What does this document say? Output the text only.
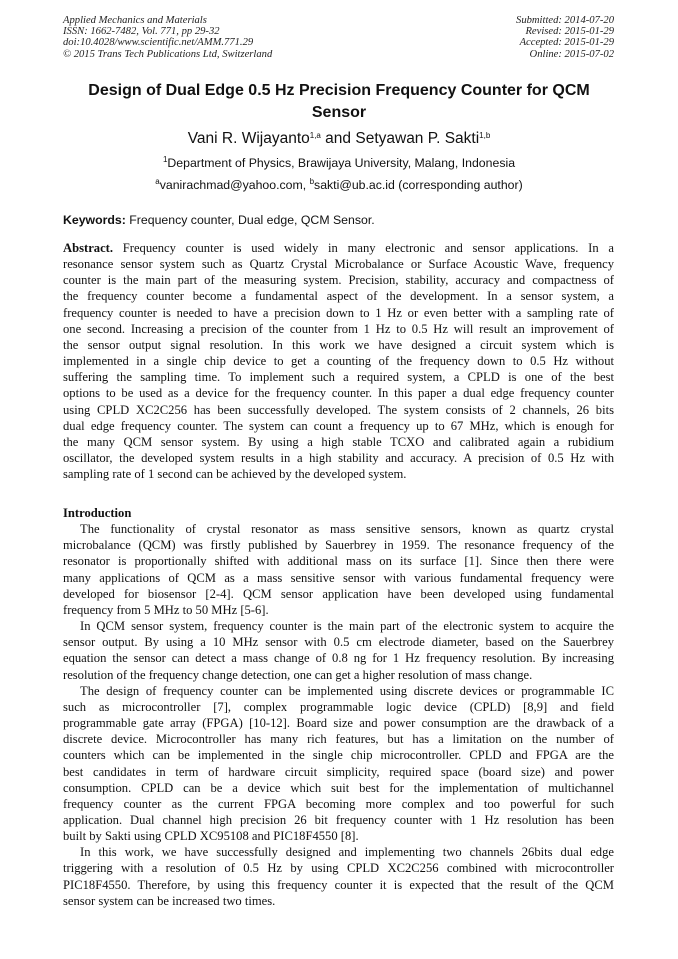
Applied Mechanics and Materials
ISSN: 1662-7482, Vol. 771, pp 29-32
doi:10.4028/www.scientific.net/AMM.771.29
© 2015 Trans Tech Publications Ltd, Switzerland
Submitted: 2014-07-20
Revised: 2015-01-29
Accepted: 2015-01-29
Online: 2015-07-02
Design of Dual Edge 0.5 Hz Precision Frequency Counter for QCM
Sensor
Vani R. Wijayanto$^{1,a}$ and Setyawan P. Sakti$^{1,b}$
$^1$Department of Physics, Brawijaya University, Malang, Indonesia
$^a$vanirachmad@yahoo.com, $^b$sakti@ub.ac.id (corresponding author)
Keywords: Frequency counter, Dual edge, QCM Sensor.
Abstract. Frequency counter is used widely in many electronic and sensor applications. In a
resonance sensor system such as Quartz Crystal Microbalance or Surface Acoustic Wave, frequency
counter is the main part of the measuring system. Precision, stability, accuracy and compactness of
the frequency counter become a fundamental aspect of the development. In a sensor system, a
frequency counter is needed to have a precision down to 1 Hz or even better with a sampling rate of
one second. Increasing a precision of the counter from 1 Hz to 0.5 Hz will result an improvement of
the sensor output signal resolution. In this work we have designed a circuit system which is
implemented in a single chip device to get a counting of the frequency down to 0.5 Hz without
suffering the sampling time. To implement such a required system, a CPLD is one of the best
options to be used as a device for the frequency counter. In this paper a dual edge frequency counter
using CPLD XC2C256 has been successfully developed. The system consists of 2 channels, 26 bits
dual edge frequency counter. The system can count a frequency up to 67 MHz, which is enough for
the many QCM sensor system. By using a high stable TCXO and calibrated again a rubidium
oscillator, the developed system results in a high stability and accuracy. A precision of 0.5 Hz with
sampling rate of 1 second can be achieved by the developed system.
Introduction
The functionality of crystal resonator as mass sensitive sensors, known as quartz crystal
microbalance (QCM) was firstly published by Sauerbrey in 1959. The resonance frequency of the
resonator is proportionally shifted with additional mass on its surface [1]. Since then there were
many applications of QCM as a mass sensitive sensor with various fundamental frequency were
developed for biosensor [2-4]. QCM sensor application have been developed using fundamental
frequency from 5 MHz to 50 MHz [5-6].
In QCM sensor system, frequency counter is the main part of the electronic system to acquire the
sensor output. By using a 10 MHz sensor with 0.5 cm electrode diameter, based on the Sauerbrey
equation the sensor can detect a mass change of 0.8 ng for 1 Hz frequency resolution. By increasing
resolution of the frequency change detection, one can get a higher resolution of mass change.
The design of frequency counter can be implemented using discrete devices or programmable IC
such as microcontroller [7], complex programmable logic device (CPLD) [8,9] and field
programmable gate array (FPGA) [10-12]. Board size and power consumption are the drawback of a
discrete device. Microcontroller has many rich features, but has a limitation on the number of
counters which can be implemented in the single chip microcontroller. CPLD and FPGA are the
best candidates in term of hardware circuit simplicity, required space (board size) and power
consumption. CPLD can be a device which suit best for the implementation of multichannel
frequency counter as the current FPGA becoming more complex and too powerful for such
application. Dual channel high precision 26 bit frequency counter with 1 Hz resolution has been
built by Sakti using CPLD XC95108 and PIC18F4550 [8].
In this work, we have successfully designed and implementing two channels 26bits dual edge
triggering with a resolution of 0.5 Hz by using CPLD XC2C256 combined with microcontroller
PIC18F4550. Therefore, by using this frequency counter it is expected that the result of the QCM
sensor system can be increased two times.
